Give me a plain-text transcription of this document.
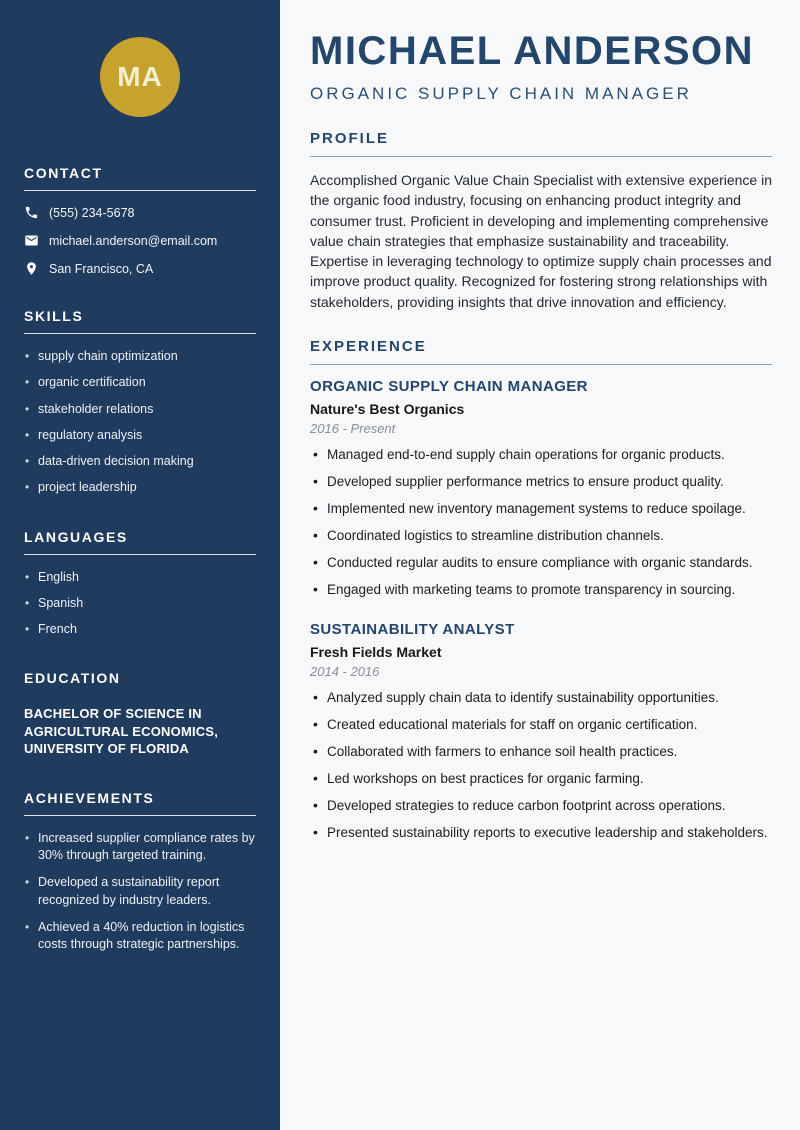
MA
CONTACT
(555) 234-5678
michael.anderson@email.com
San Francisco, CA
SKILLS
• supply chain optimization
• organic certification
• stakeholder relations
• regulatory analysis
• data-driven decision making
• project leadership
LANGUAGES
• English
• Spanish
• French
EDUCATION
BACHELOR OF SCIENCE IN AGRICULTURAL ECONOMICS, UNIVERSITY OF FLORIDA
ACHIEVEMENTS
• Increased supplier compliance rates by 30% through targeted training.
• Developed a sustainability report recognized by industry leaders.
• Achieved a 40% reduction in logistics costs through strategic partnerships.
MICHAEL ANDERSON
ORGANIC SUPPLY CHAIN MANAGER
PROFILE

Accomplished Organic Value Chain Specialist with extensive experience in the organic food industry, focusing on enhancing product integrity and consumer trust. Proficient in developing and implementing comprehensive value chain strategies that emphasize sustainability and traceability. Expertise in leveraging technology to optimize supply chain processes and improve product quality. Recognized for fostering strong relationships with stakeholders, providing insights that drive innovation and efficiency.

EXPERIENCE
ORGANIC SUPPLY CHAIN MANAGER
Nature's Best Organics
2016 - Present
• Managed end-to-end supply chain operations for organic products.
• Developed supplier performance metrics to ensure product quality.
• Implemented new inventory management systems to reduce spoilage.
• Coordinated logistics to streamline distribution channels.
• Conducted regular audits to ensure compliance with organic standards.
• Engaged with marketing teams to promote transparency in sourcing.
SUSTAINABILITY ANALYST
Fresh Fields Market
2014 - 2016
• Analyzed supply chain data to identify sustainability opportunities.
• Created educational materials for staff on organic certification.
• Collaborated with farmers to enhance soil health practices.
• Led workshops on best practices for organic farming.
• Developed strategies to reduce carbon footprint across operations.
• Presented sustainability reports to executive leadership and stakeholders.
